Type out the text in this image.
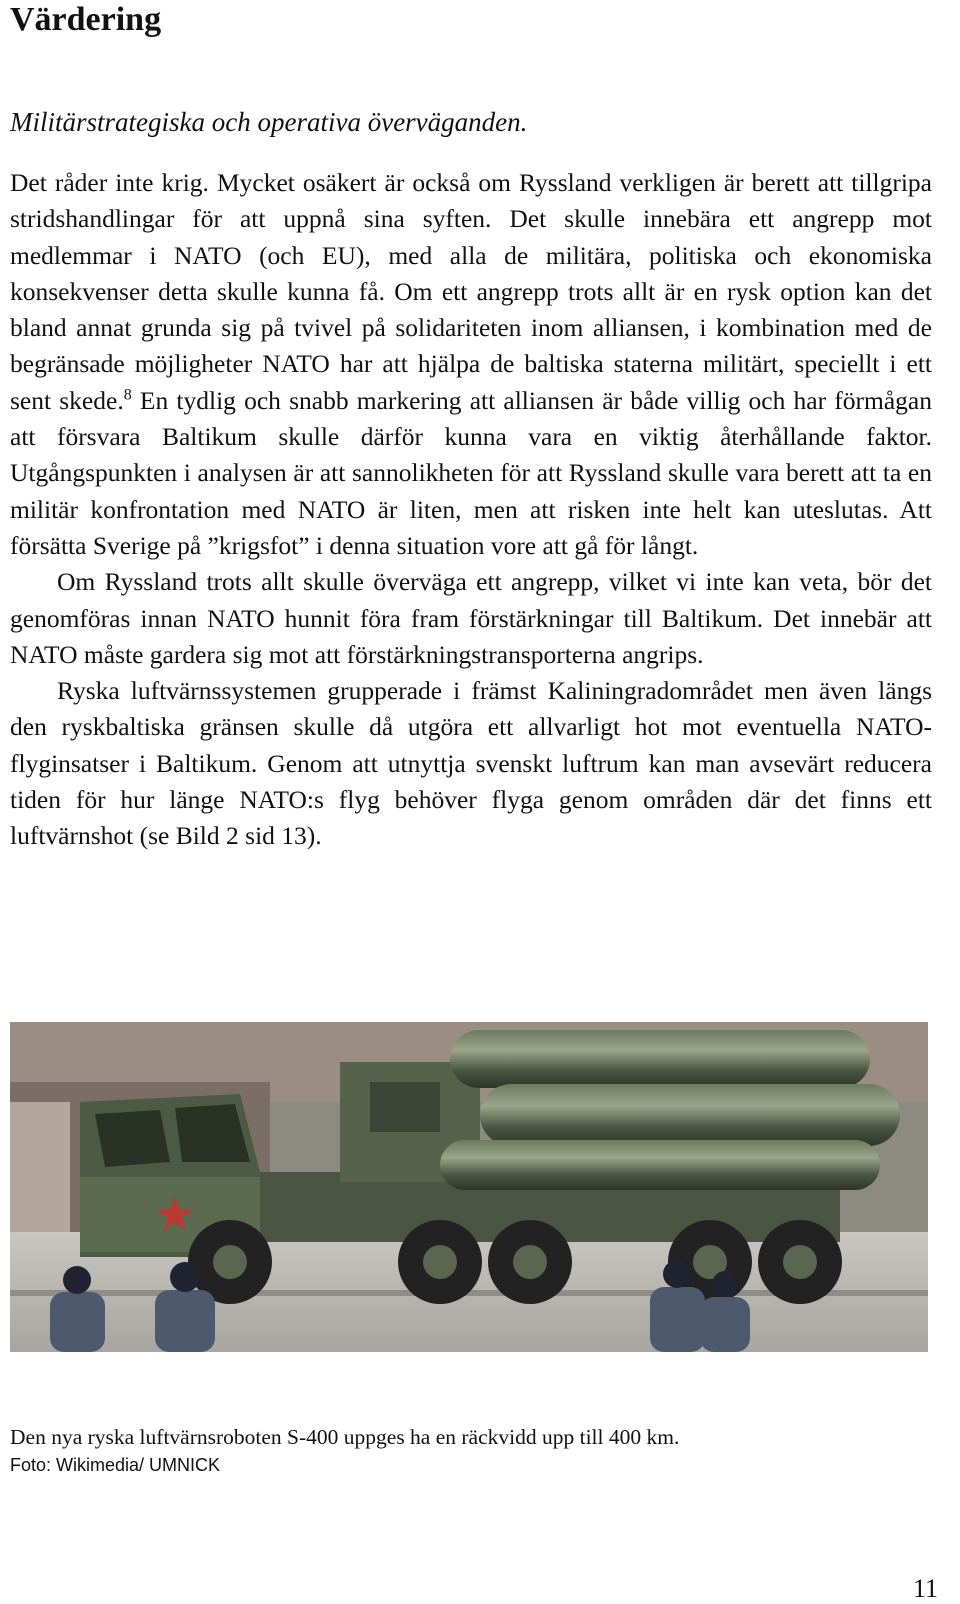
Värdering
Militärstrategiska och operativa överväganden.

Det råder inte krig. Mycket osäkert är också om Ryssland verkligen är berett att tillgripa stridshandlingar för att uppnå sina syften. Det skulle innebära ett angrepp mot medlemmar i NATO (och EU), med alla de militära, politiska och ekonomiska konsekvenser detta skulle kunna få. Om ett angrepp trots allt är en rysk option kan det bland annat grunda sig på tvivel på solidariteten inom alliansen, i kombination med de begränsade möjligheter NATO har att hjälpa de baltiska staterna militärt, speciellt i ett sent skede.$^8$ En tydlig och snabb markering att alliansen är både villig och har förmågan att försvara Baltikum skulle därför kunna vara en viktig återhållande faktor. Utgångspunkten i analysen är att sannolikheten för att Ryssland skulle vara berett att ta en militär konfrontation med NATO är liten, men att risken inte helt kan uteslutas. Att försätta Sverige på ”krigsfot” i denna situation vore att gå för långt.

Om Ryssland trots allt skulle överväga ett angrepp, vilket vi inte kan veta, bör det genomföras innan NATO hunnit föra fram förstärkningar till Baltikum. Det innebär att NATO måste gardera sig mot att förstärkningstransporterna angrips.

Ryska luftvärnssystemen grupperade i främst Kaliningradområdet men även längs den ryskbaltiska gränsen skulle då utgöra ett allvarligt hot mot eventuella NATO-flyginsatser i Baltikum. Genom att utnyttja svenskt luftrum kan man avsevärt reducera tiden för hur länge NATO:s flyg behöver flyga genom områden där det finns ett luftvärnshot (se Bild 2 sid 13).

Den nya ryska luftvärnsroboten S-400 uppges ha en räckvidd upp till 400 km.
Foto: Wikimedia/ UMNICK
11
